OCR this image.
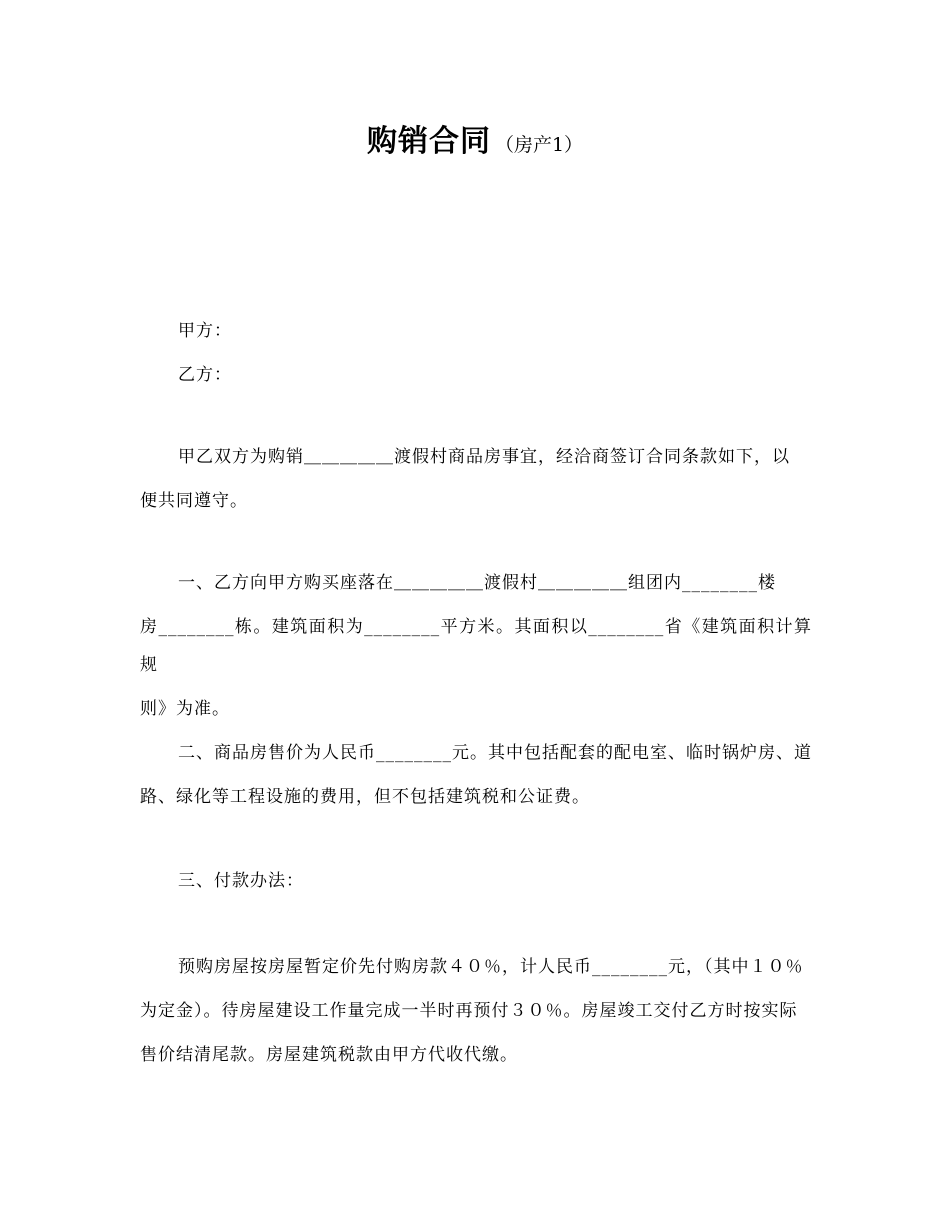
购销合同 （房产1）

甲方：

乙方：

甲乙双方为购销＿＿＿＿＿渡假村商品房事宜，经洽商签订合同条款如下，以

便共同遵守。

一、乙方向甲方购买座落在＿＿＿＿＿渡假村＿＿＿＿＿组团内________楼

房________栋。建筑面积为________平方米。其面积以________省《建筑面积计算规

则》为准。

二、商品房售价为人民币________元。其中包括配套的配电室、临时锅炉房、道

路、绿化等工程设施的费用，但不包括建筑税和公证费。

三、付款办法：

预购房屋按房屋暂定价先付购房款４０％，计人民币________元，（其中１０％

为定金）。待房屋建设工作量完成一半时再预付３０％。房屋竣工交付乙方时按实际

售价结清尾款。房屋建筑税款由甲方代收代缴。
